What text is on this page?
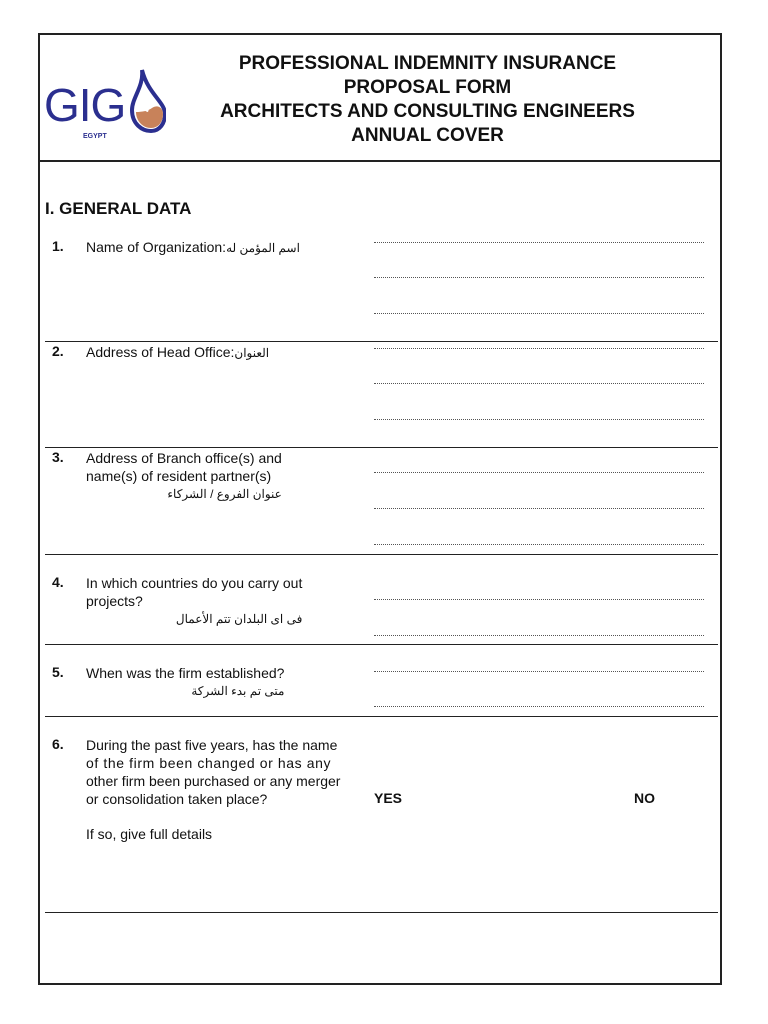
GIG
EGYPT
PROFESSIONAL INDEMNITY INSURANCE
PROPOSAL FORM
ARCHITECTS AND CONSULTING ENGINEERS
ANNUAL COVER
I. GENERAL DATA
1. Name of Organization:اسم المؤمن له
2. Address of Head Office:العنوان
3. Address of Branch office(s) and
name(s) of resident partner(s)
عنوان الفروع / الشركاء
4. In which countries do you carry out
projects?
فى اى البلدان تتم الأعمال
5. When was the firm established?
متى تم بدء الشركة
6. During the past five years, has the name
of the firm been changed or has any
other firm been purchased or any merger
or consolidation taken place?	YES	NO
If so, give full details
